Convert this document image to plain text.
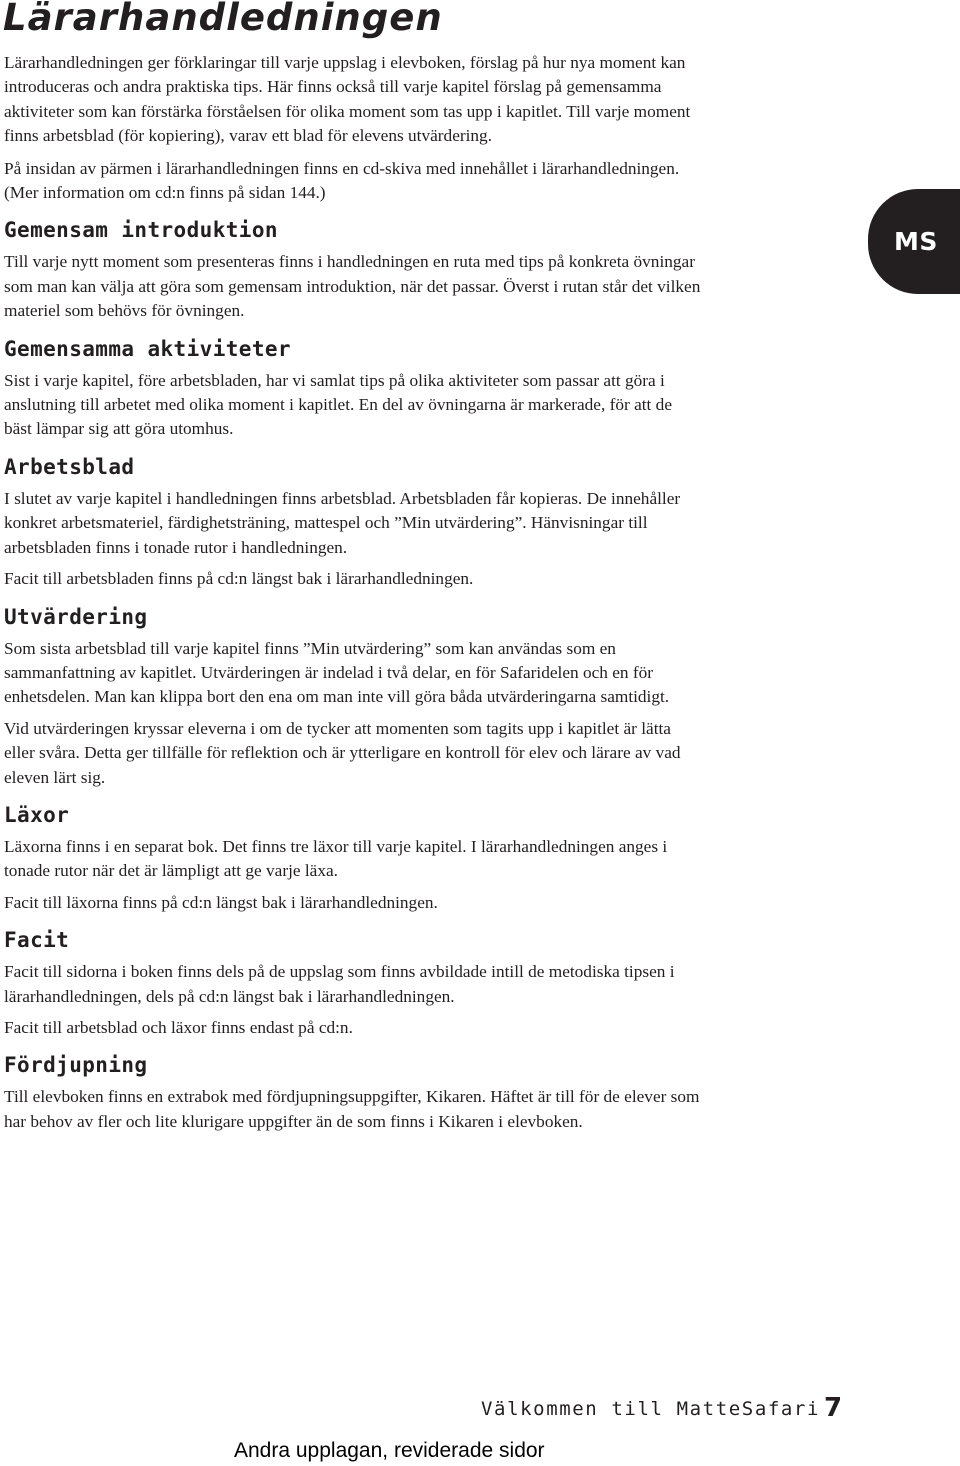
Lärarhandledningen

Lärarhandledningen ger förklaringar till varje uppslag i elevboken, förslag på hur nya moment kan introduceras och andra praktiska tips. Här finns också till varje kapitel förslag på gemensamma aktiviteter som kan förstärka förståelsen för olika moment som tas upp i kapitlet. Till varje moment finns arbetsblad (för kopiering), varav ett blad för elevens utvärdering.

På insidan av pärmen i lärarhandledningen finns en cd-skiva med innehållet i lärarhandledningen. (Mer information om cd:n finns på sidan 144.)

Gemensam introduktion

Till varje nytt moment som presenteras finns i handledningen en ruta med tips på konkreta övningar som man kan välja att göra som gemensam introduktion, när det passar. Överst i rutan står det vilken materiel som behövs för övningen.

Gemensamma aktiviteter

Sist i varje kapitel, före arbetsbladen, har vi samlat tips på olika aktiviteter som passar att göra i anslutning till arbetet med olika moment i kapitlet. En del av övningarna är markerade, för att de bäst lämpar sig att göra utomhus.

Arbetsblad

I slutet av varje kapitel i handledningen finns arbetsblad. Arbetsbladen får kopieras. De innehåller konkret arbetsmateriel, färdighetsträning, mattespel och ”Min utvärdering”. Hänvisningar till arbetsbladen finns i tonade rutor i handledningen.

Facit till arbetsbladen finns på cd:n längst bak i lärarhandledningen.

Utvärdering

Som sista arbetsblad till varje kapitel finns ”Min utvärdering” som kan användas som en sammanfattning av kapitlet. Utvärderingen är indelad i två delar, en för Safaridelen och en för enhetsdelen. Man kan klippa bort den ena om man inte vill göra båda utvärderingarna samtidigt.

Vid utvärderingen kryssar eleverna i om de tycker att momenten som tagits upp i kapitlet är lätta eller svåra. Detta ger tillfälle för reflektion och är ytterligare en kontroll för elev och lärare av vad eleven lärt sig.

Läxor

Läxorna finns i en separat bok. Det finns tre läxor till varje kapitel. I lärarhandledningen anges i tonade rutor när det är lämpligt att ge varje läxa.

Facit till läxorna finns på cd:n längst bak i lärarhandledningen.

Facit

Facit till sidorna i boken finns dels på de uppslag som finns avbildade intill de metodiska tipsen i lärarhandledningen, dels på cd:n längst bak i lärarhandledningen.

Facit till arbetsblad och läxor finns endast på cd:n.

Fördjupning

Till elevboken finns en extrabok med fördjupningsuppgifter, Kikaren. Häftet är till för de elever som har behov av fler och lite klurigare uppgifter än de som finns i Kikaren i elevboken.

MS
Välkommen till MatteSafari 7
Andra upplagan, reviderade sidor
